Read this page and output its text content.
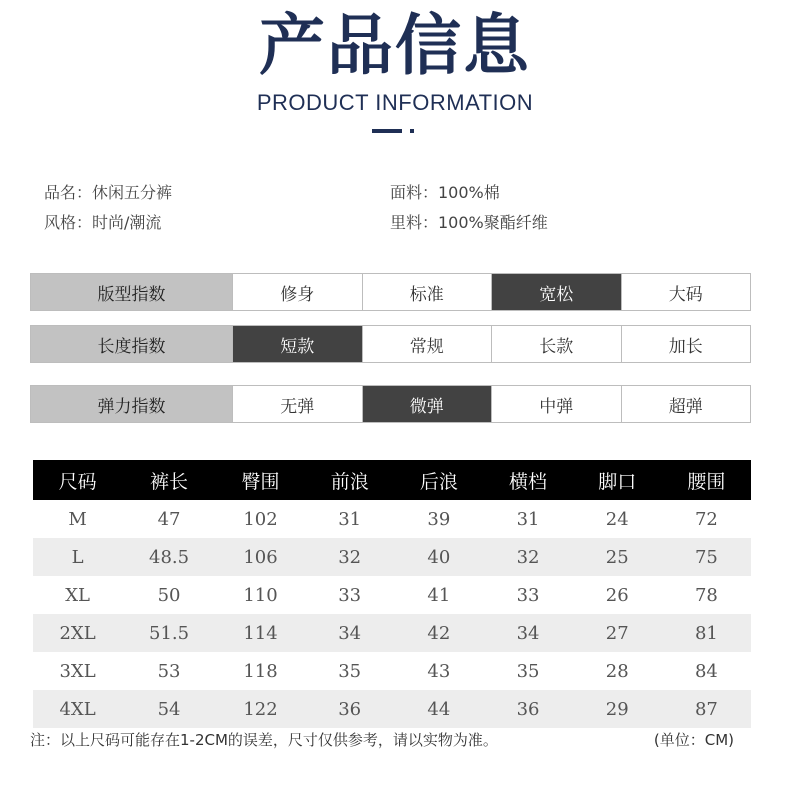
产品信息
PRODUCT INFORMATION
品名：休闲五分裤
风格：时尚/潮流
面料：100%棉
里料：100%聚酯纤维
版型指数	修身	标准	宽松	大码
长度指数	短款	常规	长款	加长
弹力指数	无弹	微弹	中弹	超弹
尺码	裤长	臀围	前浪	后浪	横档	脚口	腰围
M	47	102	31	39	31	24	72
L	48.5	106	32	40	32	25	75
XL	50	110	33	41	33	26	78
2XL	51.5	114	34	42	34	27	81
3XL	53	118	35	43	35	28	84
4XL	54	122	36	44	36	29	87
注：以上尺码可能存在1-2CM的误差，尺寸仅供参考，请以实物为准。	(单位：CM)
